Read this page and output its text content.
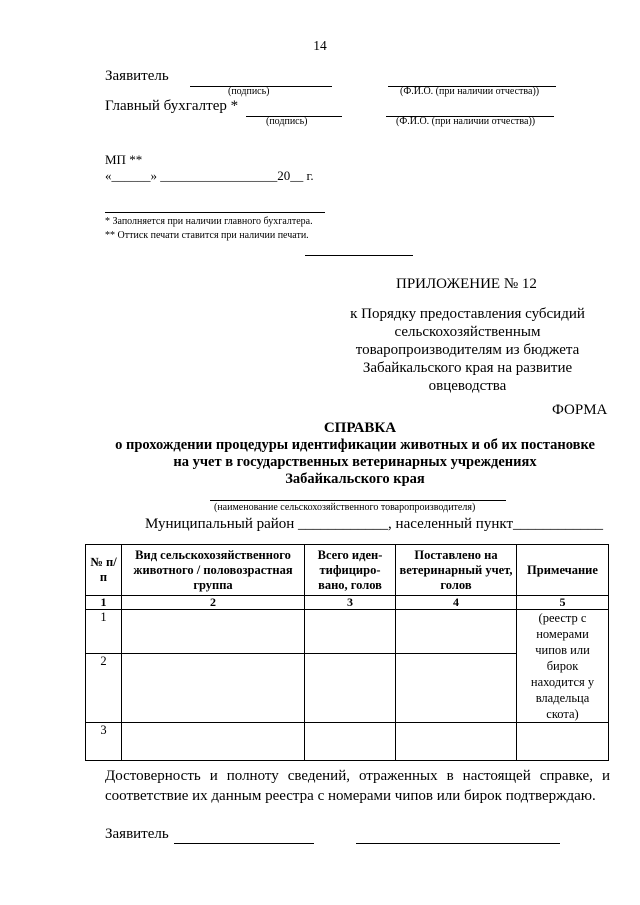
14
Заявитель
(подпись)	(Ф.И.О. (при наличии отчества))
Главный бухгалтер *
(подпись)	(Ф.И.О. (при наличии отчества))
МП **
«______» __________________20__ г.
* Заполняется при наличии главного бухгалтера.
** Оттиск печати ставится при наличии печати.
ПРИЛОЖЕНИЕ № 12
к Порядку предоставления субсидий
сельскохозяйственным
товаропроизводителям из бюджета
Забайкальского края на развитие
овцеводства
ФОРМА
СПРАВКА
о прохождении процедуры идентификации животных и об их постановке
на учет в государственных ветеринарных учреждениях
Забайкальского края
(наименование сельскохозяйственного товаропроизводителя)
Муниципальный район ____________, населенный пункт____________
№ п/п	Вид сельскохозяйственного животного / половозрастная группа	Всего иден-тифициро-вано, голов	Поставлено на ветеринарный учет, голов	Примечание
1	2	3	4	5
1				(реестр с номерами чипов или бирок находится у владельца скота)
2				
3				
Достоверность и полноту сведений, отраженных в настоящей справке, и соответствие их данным реестра с номерами чипов или бирок подтверждаю.
Заявитель
